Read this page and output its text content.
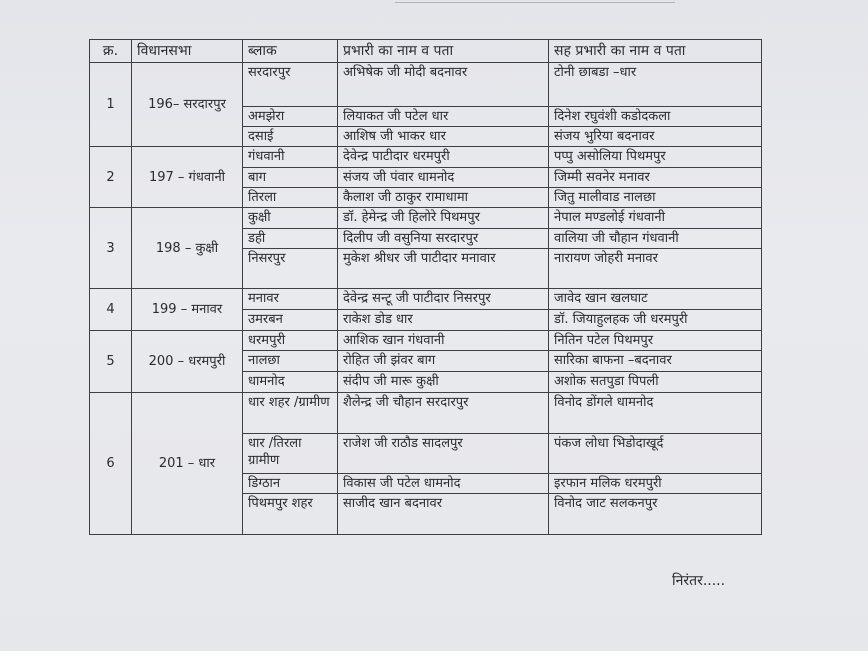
क्र.	विधानसभा	ब्लाक	प्रभारी का नाम व पता	सह प्रभारी का नाम व पता
1	196– सरदारपुर	सरदारपुर	अभिषेक जी मोदी बदनावर	टोनी छाबडा –धार
		अमझेरा	लियाकत जी पटेल धार	दिनेश रघुवंशी कडोदकला
		दसाई	आशिष जी भाकर धार	संजय भुरिया बदनावर
2	197 – गंधवानी	गंधवानी	देवेन्द्र पाटीदार धरमपुरी	पप्पु असोलिया पिथमपुर
		बाग	संजय जी पंवार धामनोद	जिम्मी सवनेर मनावर
		तिरला	कैलाश जी ठाकुर रामाधामा	जितु मालीवाड नालछा
3	198 – कुक्षी	कुक्षी	डॉ. हेमेन्द्र जी हिलोरे पिथमपुर	नेपाल मण्डलोई गंधवानी
		डही	दिलीप जी वसुनिया सरदारपुर	वालिया जी चौहान गंधवानी
		निसरपुर	मुकेश श्रीधर जी पाटीदार मनावार	नारायण जोहरी मनावर
4	199 – मनावर	मनावर	देवेन्द्र सन्टू जी पाटीदार निसरपुर	जावेद खान खलघाट
		उमरबन	राकेश डोड धार	डॉ. जियाहुलहक जी धरमपुरी
5	200 – धरमपुरी	धरमपुरी	आशिक खान गंधवानी	नितिन पटेल पिथमपुर
		नालछा	रोहित जी झंवर बाग	सारिका बाफना –बदनावर
		धामनोद	संदीप जी मारू कुक्षी	अशोक सतपुडा पिपली
6	201 – धार	धार शहर /ग्रामीण	शैलेन्द्र जी चौहान सरदारपुर	विनोद डोंगले धामनोद
		धार /तिरला ग्रामीण	राजेश जी राठौड सादलपुर	पंकज लोधा भिडोदाखूर्द
		डिग्ठान	विकास जी पटेल धामनोद	इरफान मलिक धरमपुरी
		पिथमपुर शहर	साजीद खान बदनावर	विनोद जाट सलकनपुर
निरंतर.....
